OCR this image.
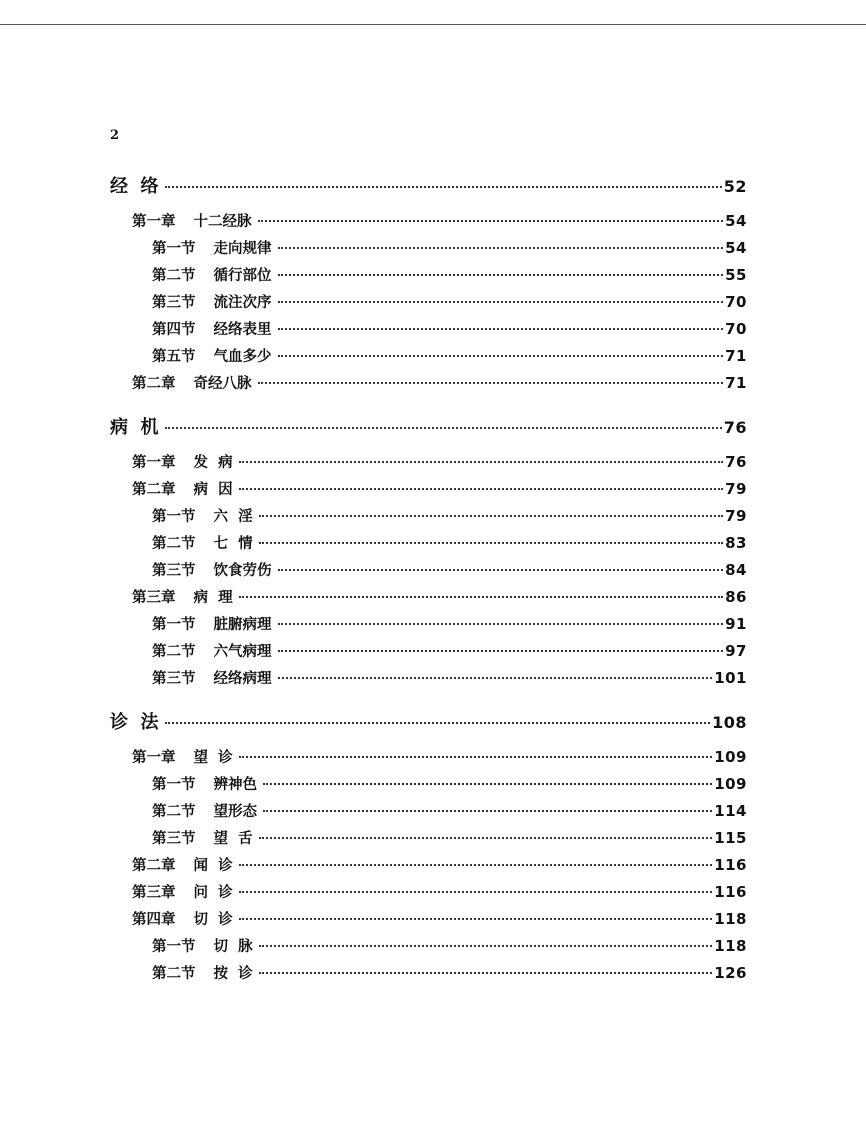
2
经  络	52
第一章 十二经脉	54
第一节 走向规律	54
第二节 循行部位	55
第三节 流注次序	70
第四节 经络表里	70
第五节 气血多少	71
第二章 奇经八脉	71
病  机	76
第一章 发  病	76
第二章 病  因	79
第一节 六  淫	79
第二节 七  情	83
第三节 饮食劳伤	84
第三章 病  理	86
第一节 脏腑病理	91
第二节 六气病理	97
第三节 经络病理	101
诊  法	108
第一章 望  诊	109
第一节 辨神色	109
第二节 望形态	114
第三节 望  舌	115
第二章 闻  诊	116
第三章 问  诊	116
第四章 切  诊	118
第一节 切  脉	118
第二节 按  诊	126
